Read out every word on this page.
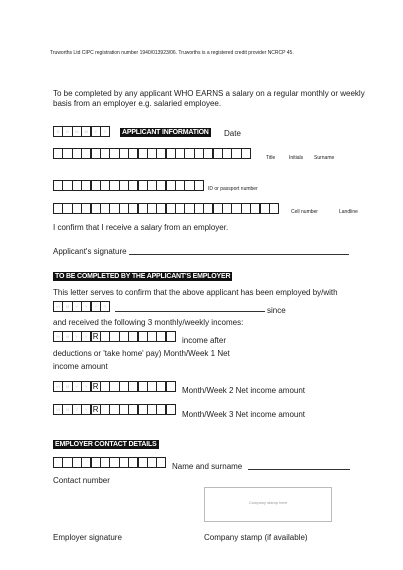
Truworths Ltd CIPC registration number 1940/013923/06. Truworths is a registered credit provider NCRCP 45.
To be completed by any applicant WHO EARNS a salary on a regular monthly or weekly
basis from an employer e.g. salaried employee.
D	D	M	M	Y	Y	APPLICANT INFORMATION Date
Title	Initials Surname
ID or passport number
Cell number	Landline
I confirm that I receive a salary from an employer.
Applicant's signature
TO BE COMPLETED BY THE APPLICANT'S EMPLOYER
This letter serves to confirm that the above applicant has been employed by/with
M	M	Y	Y	Y	Y	since
and received the following 3 monthly/weekly incomes:
M	M	Y	Y R	income after
deductions or 'take home' pay) Month/Week 1 Net
income amount
M	M	Y	Y R	Month/Week 2 Net income amount
M	M	Y	Y R
Month/Week 3 Net income amount
EMPLOYER CONTACT DETAILS
Name and surname
Contact number
Company stamp here
Employer signature	Company stamp (if available)
